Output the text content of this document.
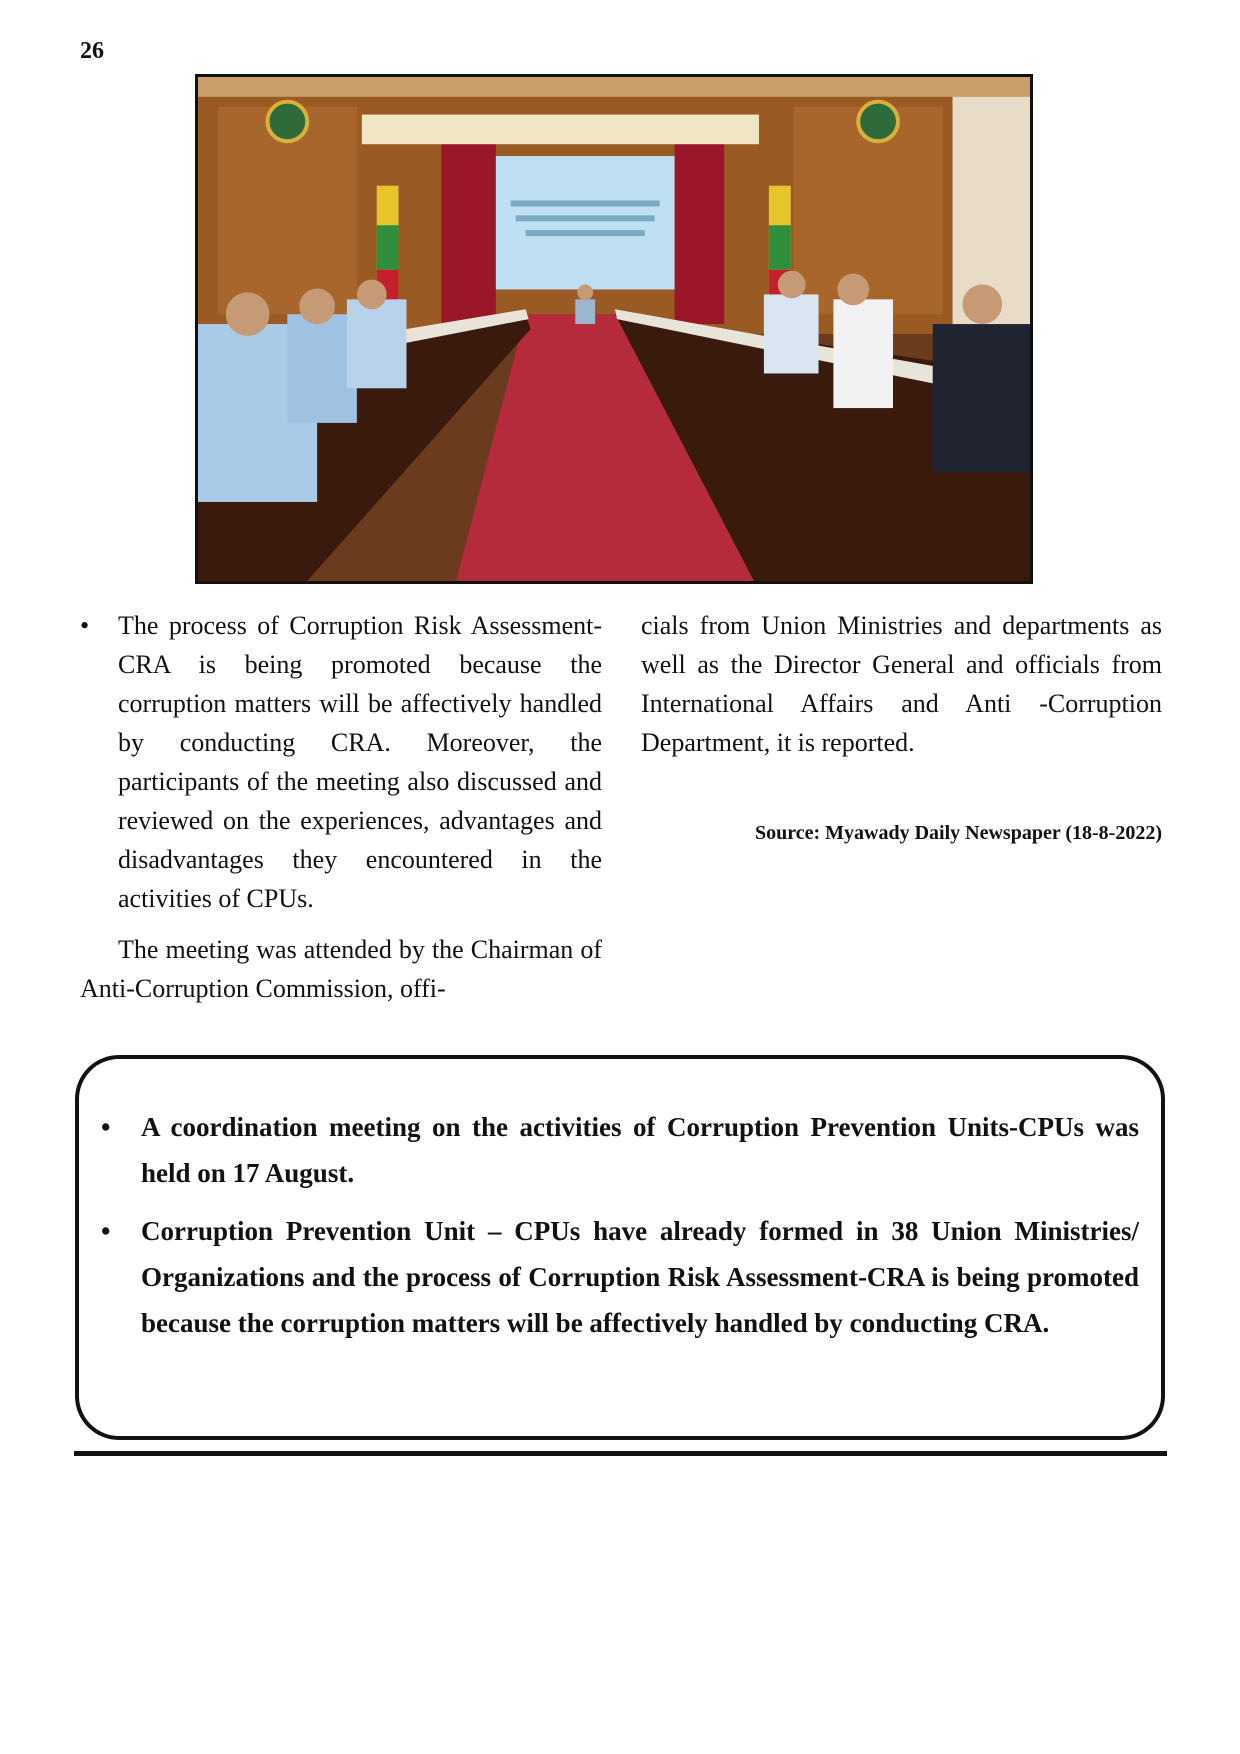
26

• The process of Corruption Risk Assessment-CRA is being promoted because the corruption matters will be affectively handled by conducting CRA. Moreover, the participants of the meeting also discussed and reviewed on the experiences, advantages and disadvantages they encountered in the activities of CPUs.

The meeting was attended by the Chairman of Anti-Corruption Commission, offi-

cials from Union Ministries and departments as well as the Director General and officials from International Affairs and Anti -Corruption Department, it is reported.

Source: Myawady Daily Newspaper (18-8-2022)

• A coordination meeting on the activities of Corruption Prevention Units-CPUs was held on 17 August.

• Corruption Prevention Unit – CPUs have already formed in 38 Union Ministries/ Organizations and the process of Corruption Risk Assessment-CRA is being promoted because the corruption matters will be affectively handled by conducting CRA.
